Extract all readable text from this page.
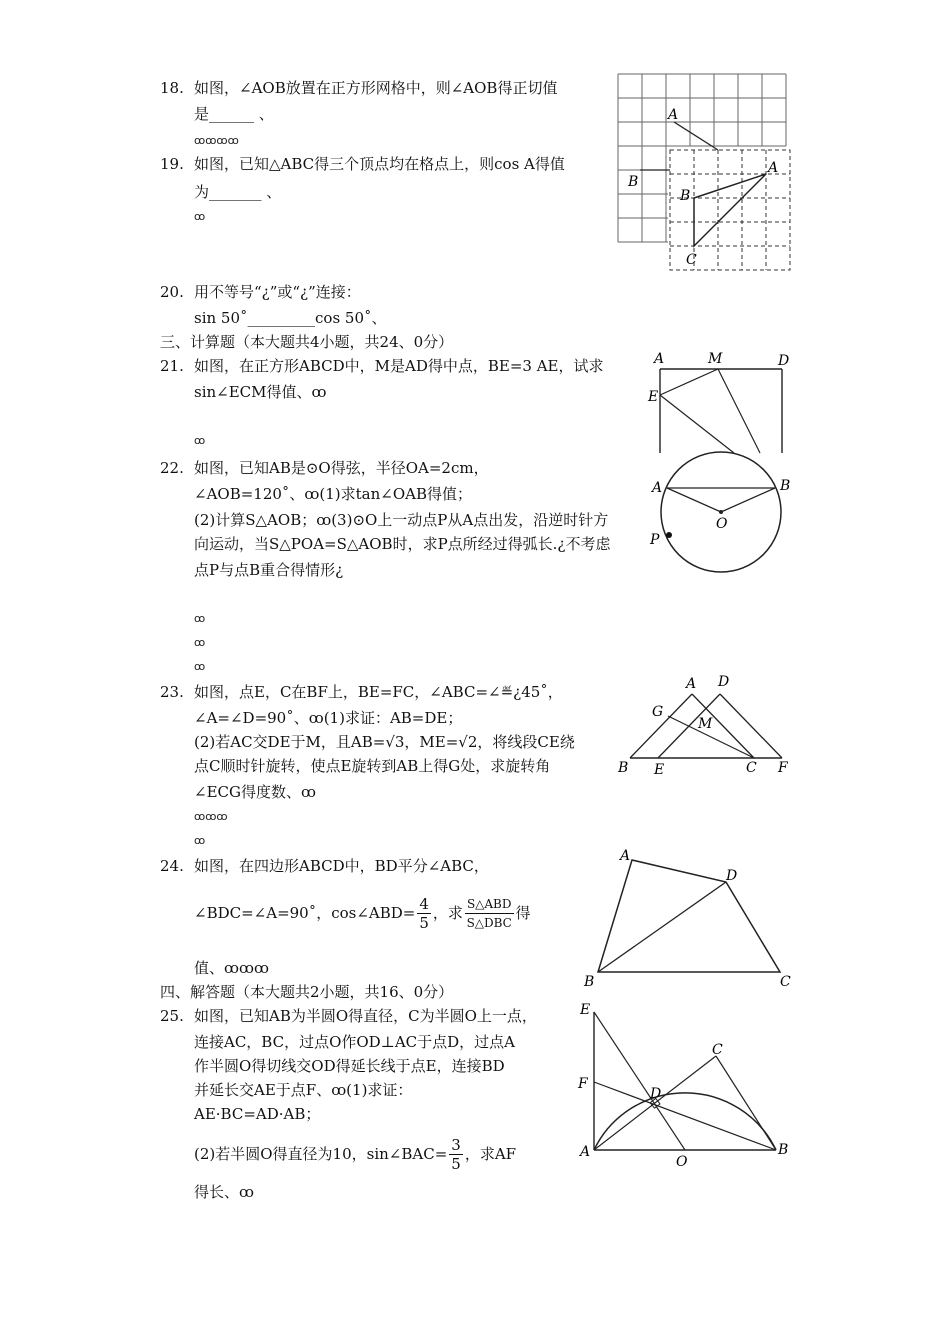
18. 如图，∠AOB放置在正方形网格中，则∠AOB得正切值
是______ 、
ꝏꝏꝏꝏ
19. 如图，已知△ABC得三个顶点均在格点上，则cos A得值
为_______ 、
ꝏ
A
B
B
A
C
20. 用不等号“¿”或“¿”连接：
sin 50˚_________cos 50˚、
三、计算题（本大题共4小题，共24、0分）
21. 如图，在正方形ABCD中，M是AD得中点，BE=3 AE，试求
sin∠ECM得值、ꝏ
ꝏ
A	M	D
E
22. 如图，已知AB是⊙O得弦，半径OA=2cm，
∠AOB=120˚、ꝏ(1)求tan∠OAB得值；
(2)计算S△AOB；ꝏ(3)⊙O上一动点P从A点出发，沿逆时针方
向运动，当S△POA=S△AOB时，求P点所经过得弧长.¿不考虑
点P与点B重合得情形¿
ꝏ
ꝏ
ꝏ
A	B
O
P
23. 如图，点E，C在BF上，BE=FC，∠ABC=∠≝¿45˚，
∠A=∠D=90˚、ꝏ(1)求证：AB=DE；
(2)若AC交DE于M，且AB=√3，ME=√2，将线段CE绕
点C顺时针旋转，使点E旋转到AB上得G处，求旋转角
∠ECG得度数、ꝏ
ꝏꝏꝏ
ꝏ
B E	C F
A D
G
M
24. 如图，在四边形ABCD中，BD平分∠ABC，
∠BDC=∠A=90˚，cos∠ABD= $\frac{4}{5}$ ，求
S△ABD
S△DBC
得
值、ꝏꝏꝏ
A
D
B	C
四、解答题（本大题共2小题，共16、0分）
25. 如图，已知AB为半圆O得直径，C为半圆O上一点，
连接AC，BC，过点O作OD⊥AC于点D，过点A
作半圆O得切线交OD得延长线于点E，连接BD
并延长交AE于点F、ꝏ(1)求证：
AE·BC=AD·AB；
(2)若半圆O得直径为10，sin∠BAC= $\frac{3}{5}$ ，求AF
得长、ꝏ
E
F
D
C
A
O
B
